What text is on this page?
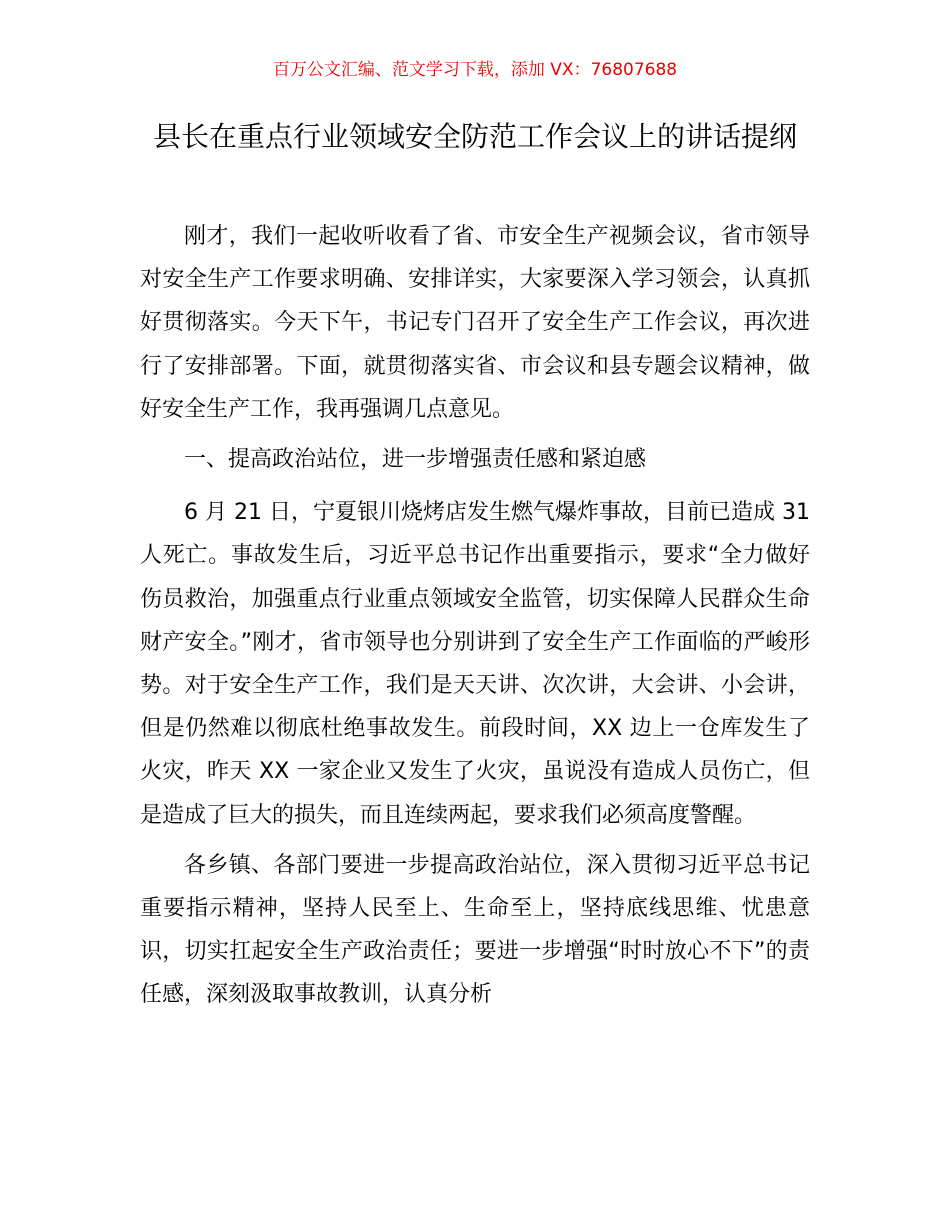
百万公文汇编、范文学习下载，添加 VX：76807688
县长在重点行业领域安全防范工作会议上的讲话提纲

刚才，我们一起收听收看了省、市安全生产视频会议，省市领导对安全生产工作要求明确、安排详实，大家要深入学习领会，认真抓好贯彻落实。今天下午，书记专门召开了安全生产工作会议，再次进行了安排部署。下面，就贯彻落实省、市会议和县专题会议精神，做好安全生产工作，我再强调几点意见。

一、提高政治站位，进一步增强责任感和紧迫感

6 月 21 日，宁夏银川烧烤店发生燃气爆炸事故，目前已造成 31 人死亡。事故发生后，习近平总书记作出重要指示，要求“全力做好伤员救治，加强重点行业重点领域安全监管，切实保障人民群众生命财产安全。”刚才，省市领导也分别讲到了安全生产工作面临的严峻形势。对于安全生产工作，我们是天天讲、次次讲，大会讲、小会讲，但是仍然难以彻底杜绝事故发生。前段时间，XX 边上一仓库发生了火灾，昨天 XX 一家企业又发生了火灾，虽说没有造成人员伤亡，但是造成了巨大的损失，而且连续两起，要求我们必须高度警醒。

各乡镇、各部门要进一步提高政治站位，深入贯彻习近平总书记重要指示精神，坚持人民至上、生命至上，坚持底线思维、忧患意识，切实扛起安全生产政治责任；要进一步增强“时时放心不下”的责任感，深刻汲取事故教训，认真分析
